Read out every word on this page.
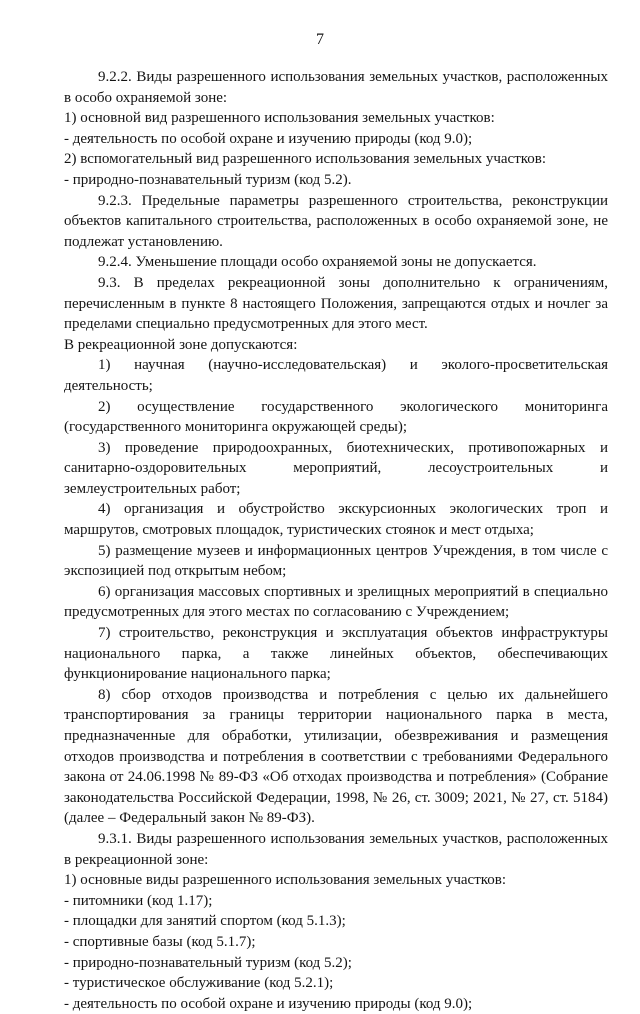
7

9.2.2. Виды разрешенного использования земельных участков, расположенных в особо охраняемой зоне:

1) основной вид разрешенного использования земельных участков:

- деятельность по особой охране и изучению природы (код 9.0);

2) вспомогательный вид разрешенного использования земельных участков:

- природно-познавательный туризм (код 5.2).

9.2.3. Предельные параметры разрешенного строительства, реконструкции объектов капитального строительства, расположенных в особо охраняемой зоне, не подлежат установлению.

9.2.4. Уменьшение площади особо охраняемой зоны не допускается.

9.3. В пределах рекреационной зоны дополнительно к ограничениям, перечисленным в пункте 8 настоящего Положения, запрещаются отдых и ночлег за пределами специально предусмотренных для этого мест.

В рекреационной зоне допускаются:

1) научная (научно-исследовательская) и эколого-просветительская деятельность;

2) осуществление государственного экологического мониторинга (государственного мониторинга окружающей среды);

3) проведение природоохранных, биотехнических, противопожарных и санитарно-оздоровительных мероприятий, лесоустроительных и землеустроительных работ;

4) организация и обустройство экскурсионных экологических троп и маршрутов, смотровых площадок, туристических стоянок и мест отдыха;

5) размещение музеев и информационных центров Учреждения, в том числе с экспозицией под открытым небом;

6) организация массовых спортивных и зрелищных мероприятий в специально предусмотренных для этого местах по согласованию с Учреждением;

7) строительство, реконструкция и эксплуатация объектов инфраструктуры национального парка, а также линейных объектов, обеспечивающих функционирование национального парка;

8) сбор отходов производства и потребления с целью их дальнейшего транспортирования за границы территории национального парка в места, предназначенные для обработки, утилизации, обезвреживания и размещения отходов производства и потребления в соответствии с требованиями Федерального закона от 24.06.1998 № 89-ФЗ «Об отходах производства и потребления» (Собрание законодательства Российской Федерации, 1998, № 26, ст. 3009; 2021, № 27, ст. 5184) (далее – Федеральный закон № 89-ФЗ).

9.3.1. Виды разрешенного использования земельных участков, расположенных в рекреационной зоне:

1) основные виды разрешенного использования земельных участков:

- питомники (код 1.17);

- площадки для занятий спортом (код 5.1.3);

- спортивные базы (код 5.1.7);

- природно-познавательный туризм (код 5.2);

- туристическое обслуживание (код 5.2.1);

- деятельность по особой охране и изучению природы (код 9.0);
